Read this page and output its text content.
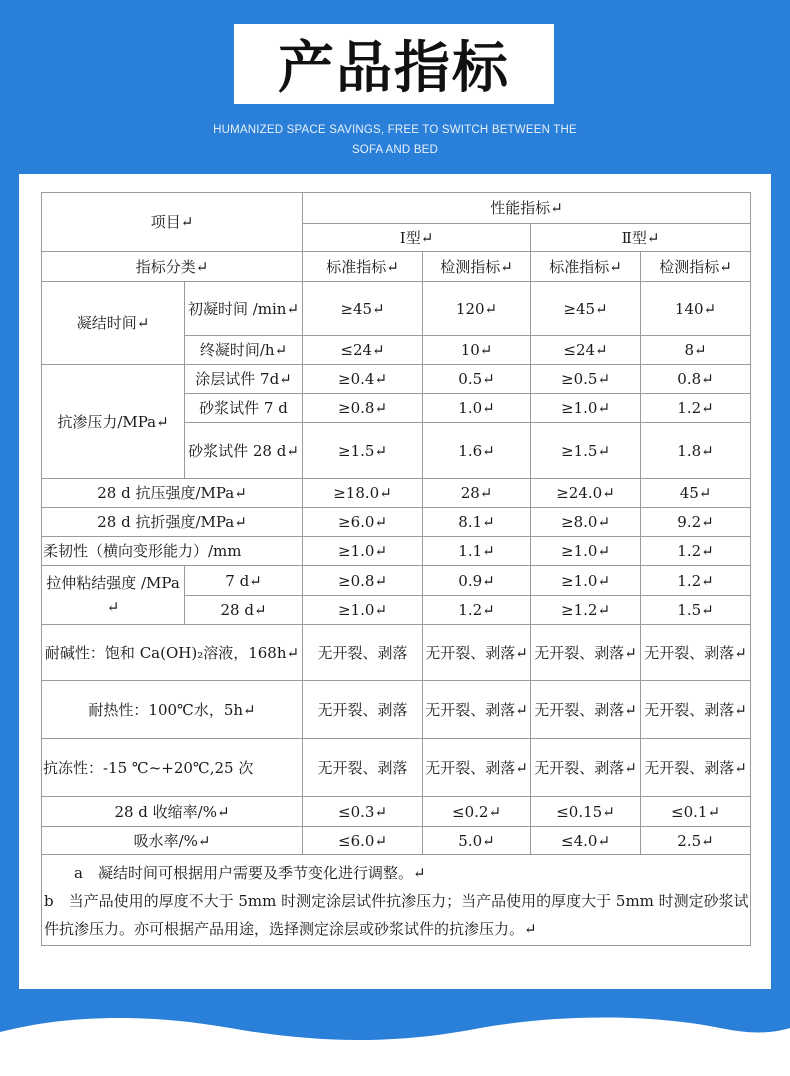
产品指标
HUMANIZED SPACE SAVINGS, FREE TO SWITCH BETWEEN THE
SOFA AND BED
项目↵		性能指标↵			
		Ⅰ型↵		Ⅱ型↵	
指标分类↵		标准指标↵	检测指标↵	标准指标↵	检测指标↵
凝结时间↵	初凝时间 /min↵	≥45↵	120↵	≥45↵	140↵
	终凝时间/h↵	≤24↵	10↵	≤24↵	8↵
抗渗压力/MPa↵	涂层试件 7d↵	≥0.4↵	0.5↵	≥0.5↵	0.8↵
	砂浆试件 7 d	≥0.8↵	1.0↵	≥1.0↵	1.2↵
	砂浆试件 28 d↵	≥1.5↵	1.6↵	≥1.5↵	1.8↵
28 d 抗压强度/MPa↵		≥18.0↵	28↵	≥24.0↵	45↵
28 d 抗折强度/MPa↵		≥6.0↵	8.1↵	≥8.0↵	9.2↵
柔韧性（横向变形能力）/mm		≥1.0↵	1.1↵	≥1.0↵	1.2↵
拉伸粘结强度 /MPa↵	7 d↵	≥0.8↵	0.9↵	≥1.0↵	1.2↵
	28 d↵	≥1.0↵	1.2↵	≥1.2↵	1.5↵
耐碱性：饱和 Ca(OH)₂溶液，168h↵		无开裂、剥落	无开裂、剥落↵	无开裂、剥落↵	无开裂、剥落↵
耐热性：100℃水，5h↵		无开裂、剥落	无开裂、剥落↵	无开裂、剥落↵	无开裂、剥落↵
抗冻性：-15 ℃~+20℃,25 次		无开裂、剥落	无开裂、剥落↵	无开裂、剥落↵	无开裂、剥落↵
28 d 收缩率/%↵		≤0.3↵	≤0.2↵	≤0.15↵	≤0.1↵
吸水率/%↵		≤6.0↵	5.0↵	≤4.0↵	2.5↵

a　凝结时间可根据用户需要及季节变化进行调整。↵

b　当产品使用的厚度不大于 5mm 时测定涂层试件抗渗压力；当产品使用的厚度大于 5mm 时测定砂浆试件抗渗压力。亦可根据产品用途，选择测定涂层或砂浆试件的抗渗压力。↵
